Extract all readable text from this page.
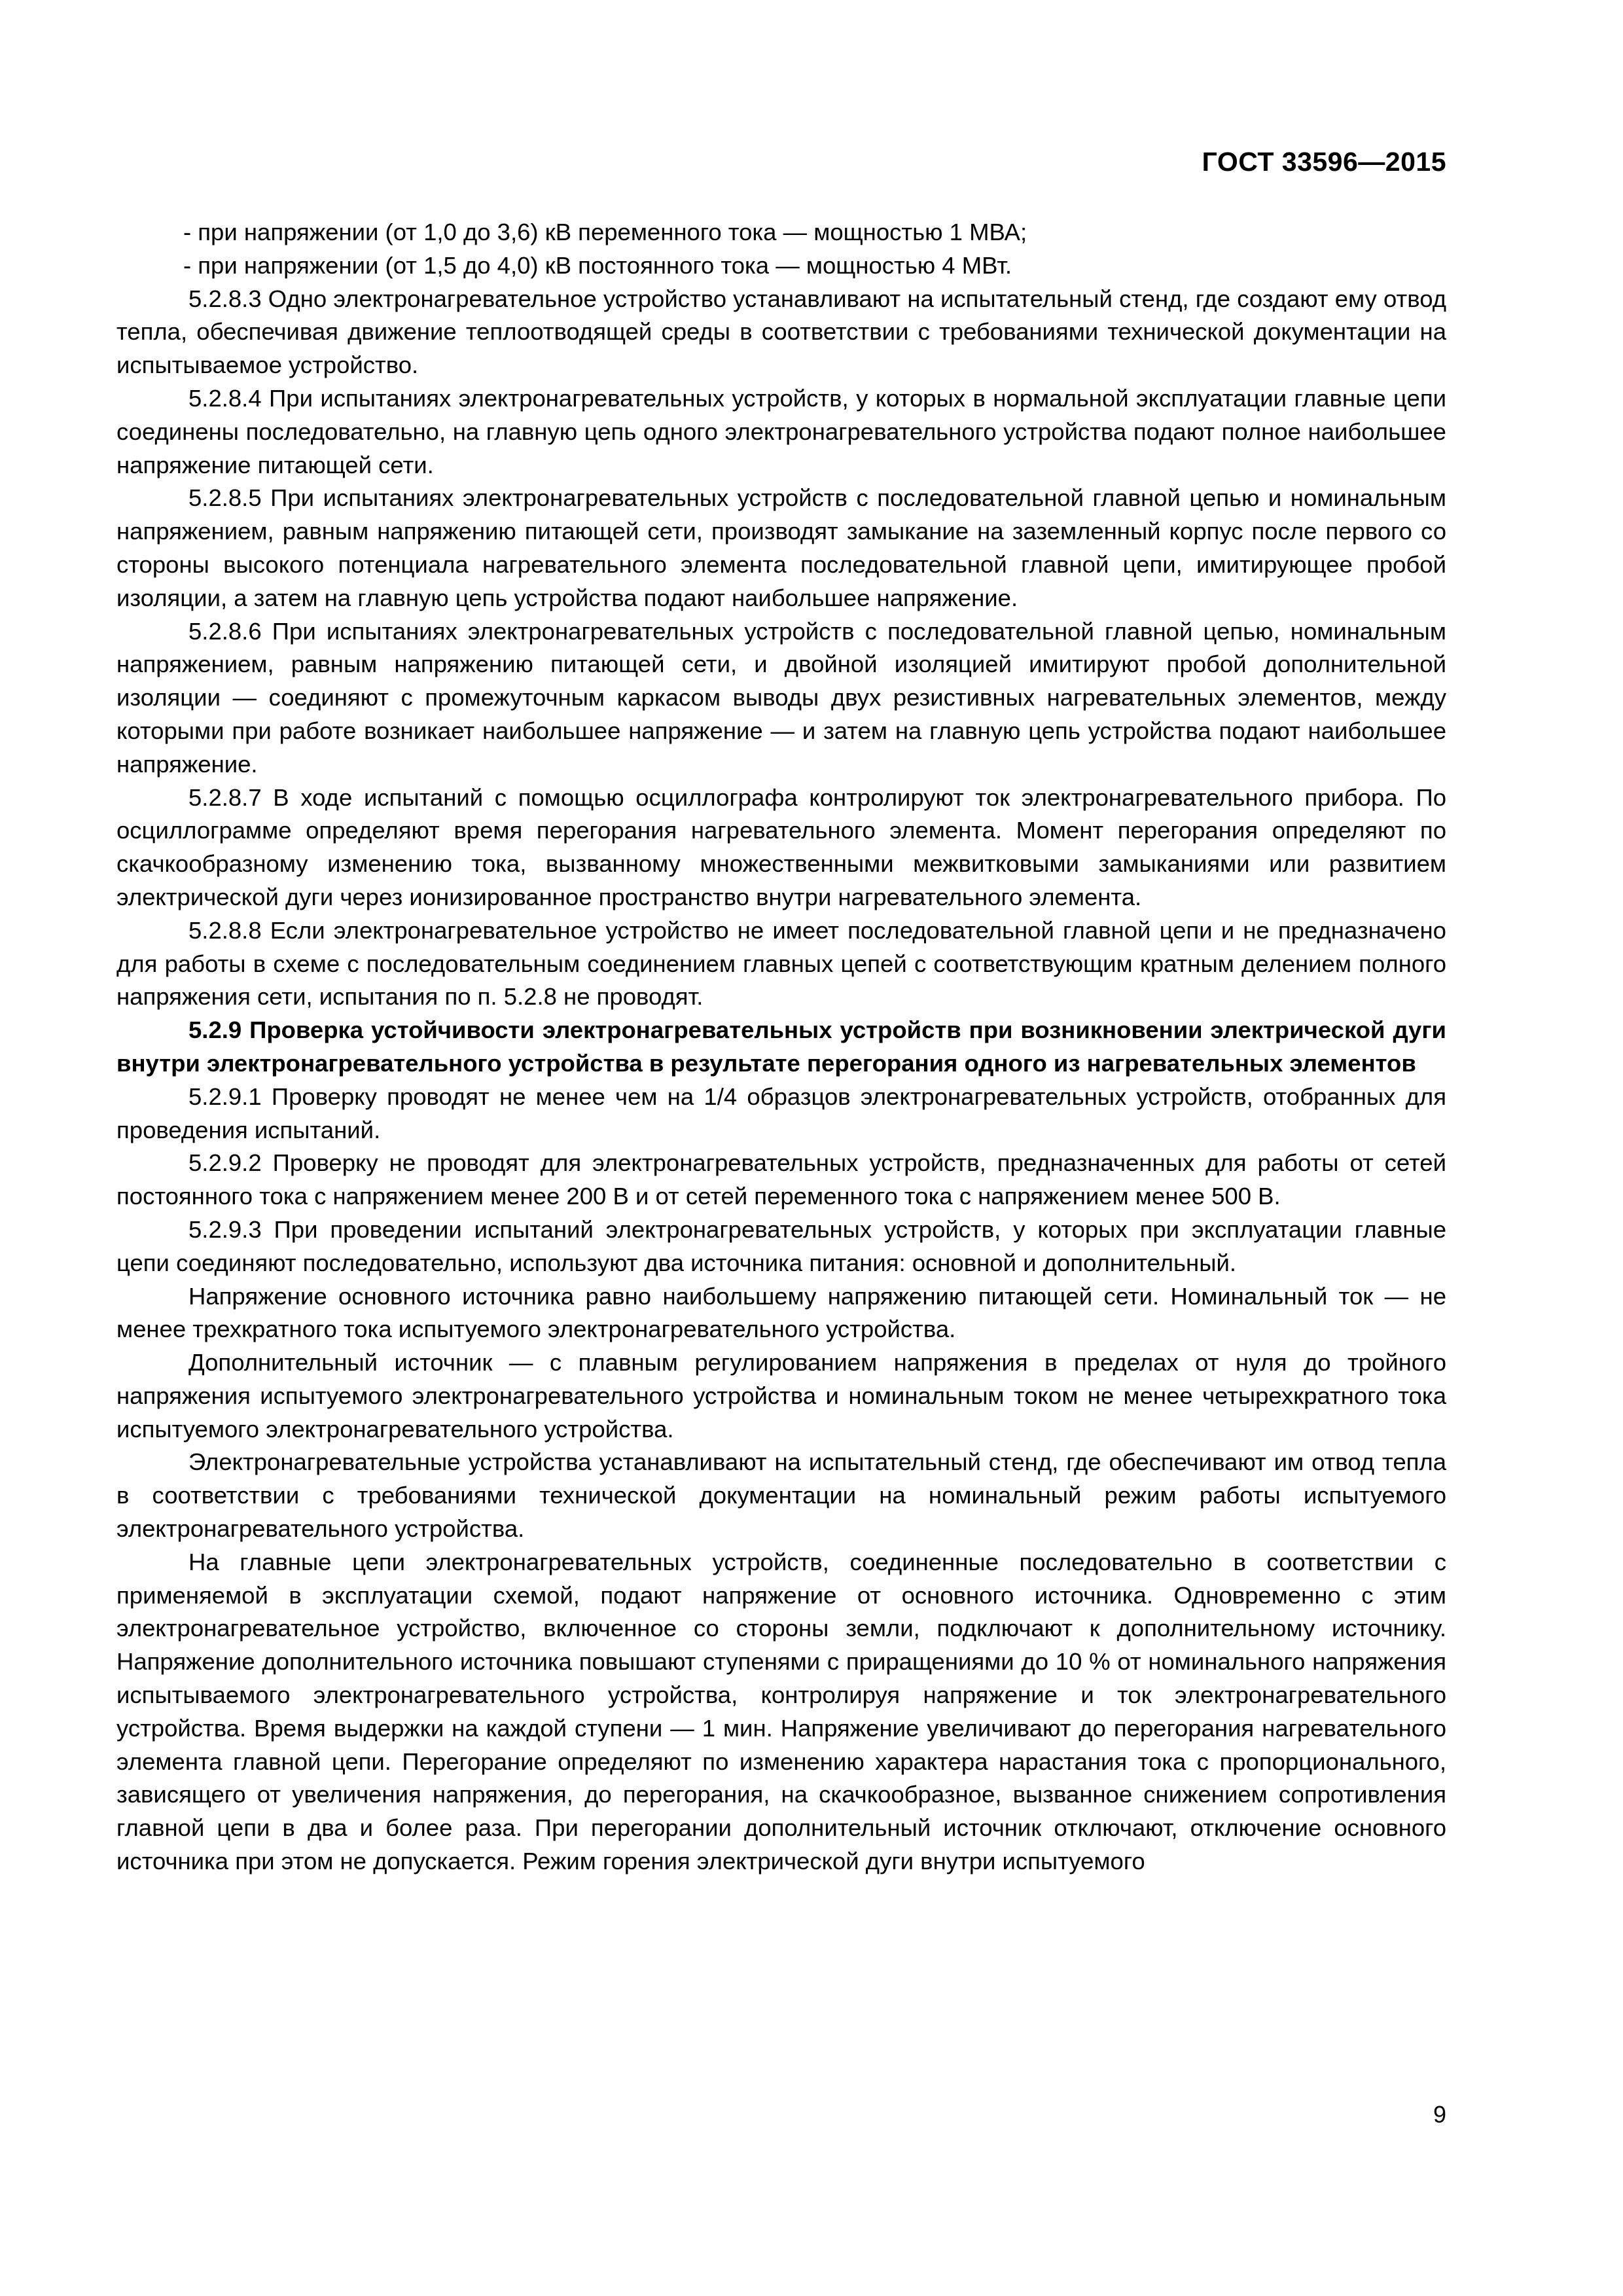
ГОСТ 33596—2015

- при напряжении (от 1,0 до 3,6) кВ переменного тока — мощностью 1 МВА;

- при напряжении (от 1,5 до 4,0) кВ постоянного тока — мощностью 4 МВт.

5.2.8.3 Одно электронагревательное устройство устанавливают на испытательный стенд, где создают ему отвод тепла, обеспечивая движение теплоотводящей среды в соответствии с требованиями технической документации на испытываемое устройство.

5.2.8.4 При испытаниях электронагревательных устройств, у которых в нормальной эксплуатации главные цепи соединены последовательно, на главную цепь одного электронагревательного устройства подают полное наибольшее напряжение питающей сети.

5.2.8.5 При испытаниях электронагревательных устройств с последовательной главной цепью и номинальным напряжением, равным напряжению питающей сети, производят замыкание на заземленный корпус после первого со стороны высокого потенциала нагревательного элемента последовательной главной цепи, имитирующее пробой изоляции, а затем на главную цепь устройства подают наибольшее напряжение.

5.2.8.6 При испытаниях электронагревательных устройств с последовательной главной цепью, номинальным напряжением, равным напряжению питающей сети, и двойной изоляцией имитируют пробой дополнительной изоляции — соединяют с промежуточным каркасом выводы двух резистивных нагревательных элементов, между которыми при работе возникает наибольшее напряжение — и затем на главную цепь устройства подают наибольшее напряжение.

5.2.8.7 В ходе испытаний с помощью осциллографа контролируют ток электронагревательного прибора. По осциллограмме определяют время перегорания нагревательного элемента. Момент перегорания определяют по скачкообразному изменению тока, вызванному множественными межвитковыми замыканиями или развитием электрической дуги через ионизированное пространство внутри нагревательного элемента.

5.2.8.8 Если электронагревательное устройство не имеет последовательной главной цепи и не предназначено для работы в схеме с последовательным соединением главных цепей с соответствующим кратным делением полного напряжения сети, испытания по п. 5.2.8 не проводят.

5.2.9 Проверка устойчивости электронагревательных устройств при возникновении электрической дуги внутри электронагревательного устройства в результате перегорания одного из нагревательных элементов

5.2.9.1 Проверку проводят не менее чем на 1/4 образцов электронагревательных устройств, отобранных для проведения испытаний.

5.2.9.2 Проверку не проводят для электронагревательных устройств, предназначенных для работы от сетей постоянного тока с напряжением менее 200 В и от сетей переменного тока с напряжением менее 500 В.

5.2.9.3 При проведении испытаний электронагревательных устройств, у которых при эксплуатации главные цепи соединяют последовательно, используют два источника питания: основной и дополнительный.

Напряжение основного источника равно наибольшему напряжению питающей сети. Номинальный ток — не менее трехкратного тока испытуемого электронагревательного устройства.

Дополнительный источник — с плавным регулированием напряжения в пределах от нуля до тройного напряжения испытуемого электронагревательного устройства и номинальным током не менее четырехкратного тока испытуемого электронагревательного устройства.

Электронагревательные устройства устанавливают на испытательный стенд, где обеспечивают им отвод тепла в соответствии с требованиями технической документации на номинальный режим работы испытуемого электронагревательного устройства.

На главные цепи электронагревательных устройств, соединенные последовательно в соответствии с применяемой в эксплуатации схемой, подают напряжение от основного источника. Одновременно с этим электронагревательное устройство, включенное со стороны земли, подключают к дополнительному источнику. Напряжение дополнительного источника повышают ступенями с приращениями до 10 % от номинального напряжения испытываемого электронагревательного устройства, контролируя напряжение и ток электронагревательного устройства. Время выдержки на каждой ступени — 1 мин. Напряжение увеличивают до перегорания нагревательного элемента главной цепи. Перегорание определяют по изменению характера нарастания тока с пропорционального, зависящего от увеличения напряжения, до перегорания, на скачкообразное, вызванное снижением сопротивления главной цепи в два и более раза. При перегорании дополнительный источник отключают, отключение основного источника при этом не допускается. Режим горения электрической дуги внутри испытуемого

9
